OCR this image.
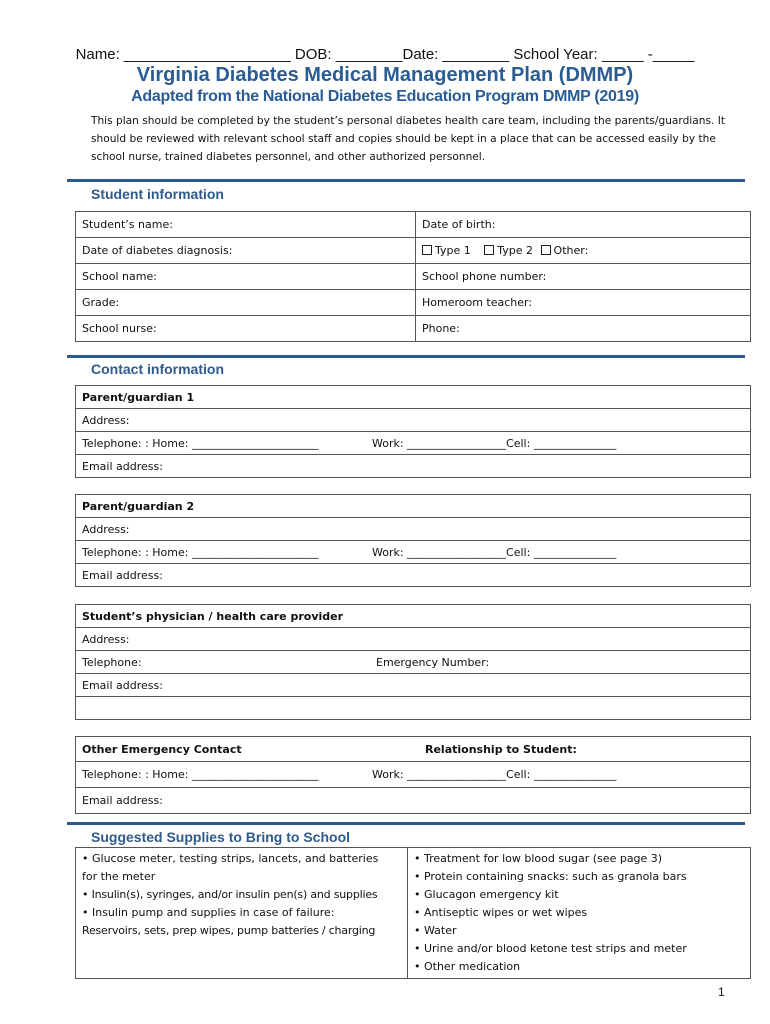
Name: ____________________ DOB: ________Date: ________ School Year: _____ -_____
Virginia Diabetes Medical Management Plan (DMMP)
Adapted from the National Diabetes Education Program DMMP (2019)
This plan should be completed by the student’s personal diabetes health care team, including the parents/guardians. It should be reviewed with relevant school staff and copies should be kept in a place that can be accessed easily by the school nurse, trained diabetes personnel, and other authorized personnel.
Student information
Student’s name:	Date of birth:
Date of diabetes diagnosis:	Type 1 Type 2 Other:
School name:	School phone number:
Grade:	Homeroom teacher:
School nurse:	Phone:
Contact information
Parent/guardian 1
Address:
Telephone: : Home: _______________________	Work: __________________Cell: _______________
Email address:
Parent/guardian 2
Address:
Telephone: : Home: _______________________	Work: __________________Cell: _______________
Email address:
Student’s physician / health care provider
Address:
Telephone:	Emergency Number:
Email address:

Other Emergency Contact	Relationship to Student:
Telephone: : Home: _______________________	Work: __________________Cell: _______________
Email address:
Suggested Supplies to Bring to School
• Glucose meter, testing strips, lancets, and batteries
for the meter
• Insulin(s), syringes, and/or insulin pen(s) and supplies
• Insulin pump and supplies in case of failure:
Reservoirs, sets, prep wipes, pump batteries / charging

• Treatment for low blood sugar (see page 3)
• Protein containing snacks: such as granola bars
• Glucagon emergency kit
• Antiseptic wipes or wet wipes
• Water
• Urine and/or blood ketone test strips and meter
• Other medication
1
